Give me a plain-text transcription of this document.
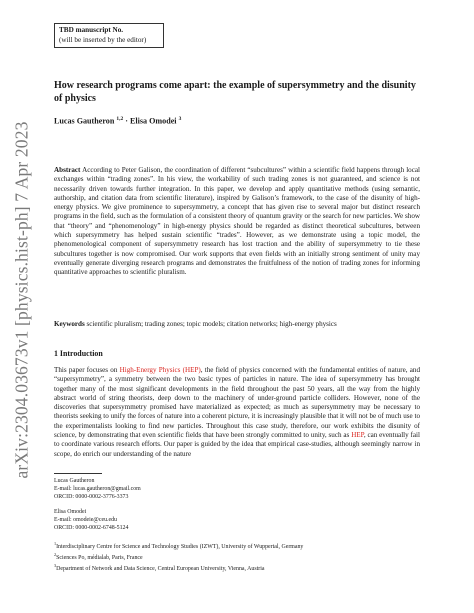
TBD manuscript No.
(will be inserted by the editor)
arXiv:2304.03673v1 [physics.hist-ph] 7 Apr 2023
How research programs come apart: the example of supersymmetry and the disunity of physics
Lucas Gautheron $^{1,2}$ · Elisa Omodei $^3$
Abstract According to Peter Galison, the coordination of different “subcultures” within a scientific field happens through local exchanges within “trading zones”. In his view, the workability of such trading zones is not guaranteed, and science is not necessarily driven towards further integration. In this paper, we develop and apply quantitative methods (using semantic, authorship, and citation data from scientific literature), inspired by Galison’s framework, to the case of the disunity of high-energy physics. We give prominence to supersymmetry, a concept that has given rise to several major but distinct research programs in the field, such as the formulation of a consistent theory of quantum gravity or the search for new particles. We show that “theory” and “phenomenology” in high-energy physics should be regarded as distinct theoretical subcultures, between which supersymmetry has helped sustain scientific “trades”. However, as we demonstrate using a topic model, the phenomenological component of supersymmetry research has lost traction and the ability of supersymmetry to tie these subcultures together is now compromised. Our work supports that even fields with an initially strong sentiment of unity may eventually generate diverging research programs and demonstrates the fruitfulness of the notion of trading zones for informing quantitative approaches to scientific pluralism.
Keywords scientific pluralism; trading zones; topic models; citation networks; high-energy physics
1 Introduction
This paper focuses on High-Energy Physics (HEP), the field of physics concerned with the fundamental entities of nature, and “supersymmetry”, a symmetry between the two basic types of particles in nature. The idea of supersymmetry has brought together many of the most significant developments in the field throughout the past 50 years, all the way from the highly abstract world of string theorists, deep down to the machinery of under-ground particle colliders. However, none of the discoveries that supersymmetry promised have materialized as expected; as much as supersymmetry may be necessary to theorists seeking to unify the forces of nature into a coherent picture, it is increasingly plausible that it will not be of much use to the experimentalists looking to find new particles. Throughout this case study, therefore, our work exhibits the disunity of science, by demonstrating that even scientific fields that have been strongly committed to unity, such as HEP, can eventually fail to coordinate various research efforts. Our paper is guided by the idea that empirical case-studies, although seemingly narrow in scope, do enrich our understanding of the nature
Lucas Gautheron
E-mail: lucas.gautheron@gmail.com
ORCID: 0000-0002-3776-3373
Elisa Omodei
E-mail: omodeie@ceu.edu
ORCID: 0000-0002-6748-5124
$^1$Interdisciplinary Centre for Science and Technology Studies (IZWT), University of Wuppertal, Germany
$^2$Sciences Po, médialab, Paris, France
$^3$Department of Network and Data Science, Central European University, Vienna, Austria
